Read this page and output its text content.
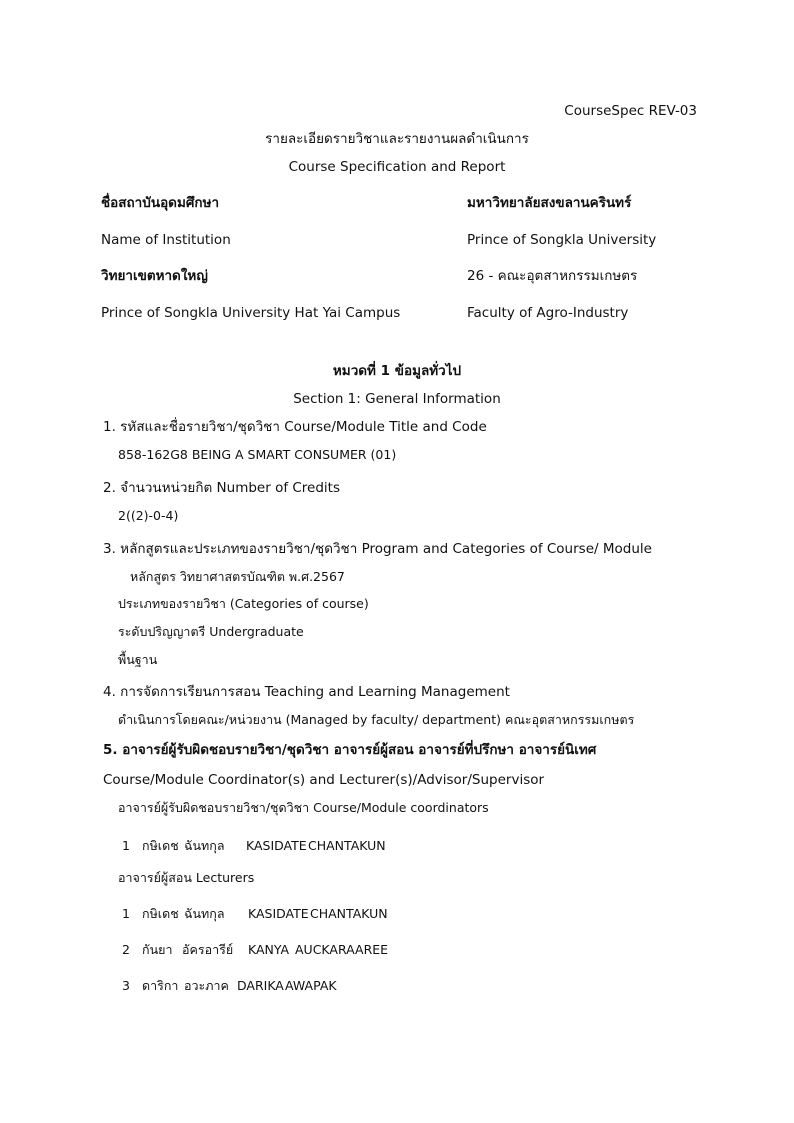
CourseSpec REV-03
รายละเอียดรายวิชาและรายงานผลดำเนินการ
Course Specification and Report
ชื่อสถาบันอุดมศึกษา	มหาวิทยาลัยสงขลานครินทร์
Name of Institution	Prince of Songkla University
วิทยาเขตหาดใหญ่	26 - คณะอุตสาหกรรมเกษตร
Prince of Songkla University Hat Yai Campus	Faculty of Agro-Industry
หมวดที่ 1 ข้อมูลทั่วไป
Section 1: General Information
1. รหัสและชื่อรายวิชา/ชุดวิชา Course/Module Title and Code
858-162G8 BEING A SMART CONSUMER (01)
2. จำนวนหน่วยกิต Number of Credits
2((2)-0-4)
3. หลักสูตรและประเภทของรายวิชา/ชุดวิชา Program and Categories of Course/ Module
หลักสูตร วิทยาศาสตรบัณฑิต พ.ศ.2567
ประเภทของรายวิชา (Categories of course)
ระดับปริญญาตรี Undergraduate
พื้นฐาน
4. การจัดการเรียนการสอน Teaching and Learning Management
ดำเนินการโดยคณะ/หน่วยงาน (Managed by faculty/ department) คณะอุตสาหกรรมเกษตร
5. อาจารย์ผู้รับผิดชอบรายวิชา/ชุดวิชา อาจารย์ผู้สอน อาจารย์ที่ปรึกษา อาจารย์นิเทศ
Course/Module Coordinator(s) and Lecturer(s)/Advisor/Supervisor
อาจารย์ผู้รับผิดชอบรายวิชา/ชุดวิชา Course/Module coordinators
1 กษิเดช ฉันทกุล	KASIDATE CHANTAKUN
อาจารย์ผู้สอน Lecturers
1 กษิเดช ฉันทกุล	KASIDATE CHANTAKUN
2 กันยา อัครอารีย์	KANYA AUCKARAAREE
3 ดาริกา อวะภาค DARIKA AWAPAK
